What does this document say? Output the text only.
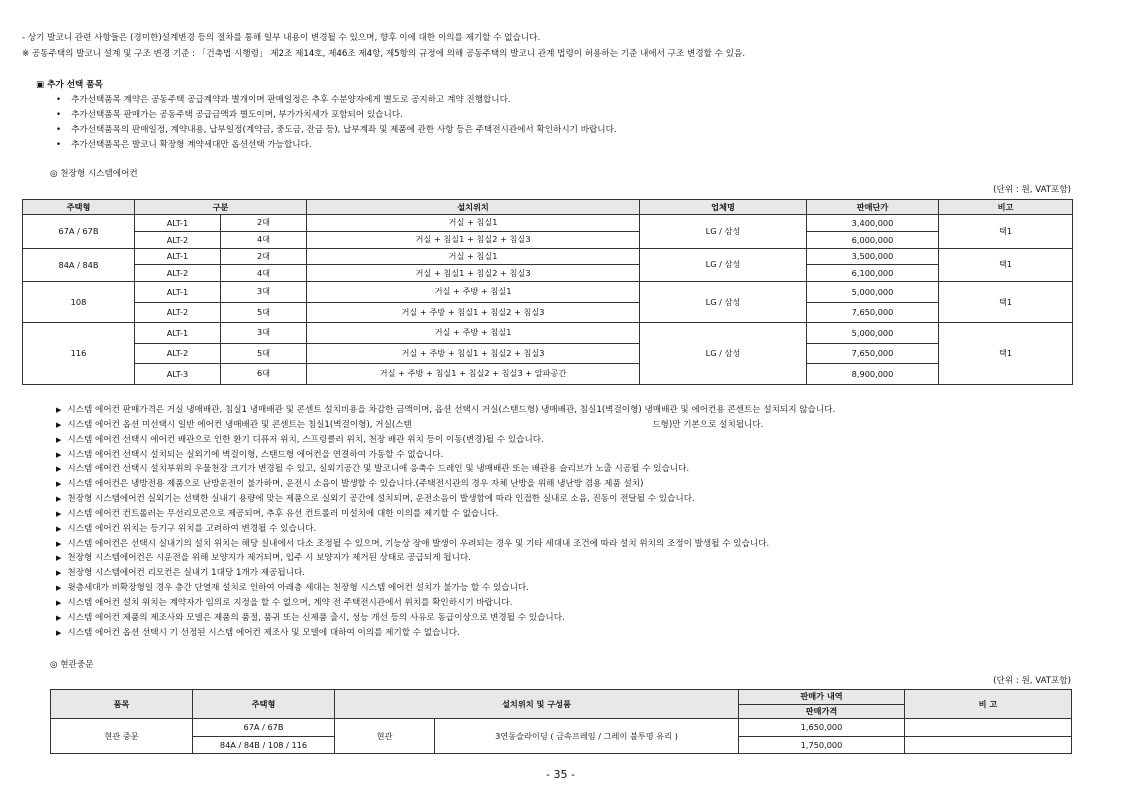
- 상기 발코니 관련 사항들은 (경미한)설계변경 등의 절차를 통해 일부 내용이 변경될 수 있으며, 향후 이에 대한 이의를 제기할 수 없습니다.
※ 공동주택의 발코니 설계 및 구조 변경 기준 : 「건축법 시행령」 제2조 제14호, 제46조 제4항, 제5항의 규정에 의해 공동주택의 발코니 관계 법령이 허용하는 기준 내에서 구조 변경할 수 있음.
▣ 추가 선택 품목
• 추가선택품목 계약은 공동주택 공급계약과 별개이며 판매일정은 추후 수분양자에게 별도로 공지하고 계약 진행합니다.
• 추가선택품목 판매가는 공동주택 공급금액과 별도이며, 부가가치세가 포함되어 있습니다.
• 추가선택품목의 판매일정, 계약내용, 납부일정(계약금, 중도금, 잔금 등), 납부계좌 및 제품에 관한 사항 등은 주택전시관에서 확인하시기 바랍니다.
• 추가선택품목은 발코니 확장형 계약세대만 옵션선택 가능합니다.
◎ 천장형 시스템에어컨
(단위 : 원, VAT포함)
주택형	구분		설치위치	업체명	판매단가	비고
67A / 67B	ALT-1	2대	거실 + 침실1	LG / 삼성	3,400,000	택1
	ALT-2	4대	거실 + 침실1 + 침실2 + 침실3		6,000,000	
84A / 84B	ALT-1	2대	거실 + 침실1	LG / 삼성	3,500,000	택1
	ALT-2	4대	거실 + 침실1 + 침실2 + 침실3		6,100,000	
108	ALT-1	3대	거실 + 주방 + 침실1	LG / 삼성	5,000,000	택1
	ALT-2	5대	거실 + 주방 + 침실1 + 침실2 + 침실3		7,650,000	
116	ALT-1	3대	거실 + 주방 + 침실1	LG / 삼성	5,000,000	택1
	ALT-2	5대	거실 + 주방 + 침실1 + 침실2 + 침실3		7,650,000	
	ALT-3	6대	거실 + 주방 + 침실1 + 침실2 + 침실3 + 알파공간		8,900,000	
▶ 시스템 에어컨 판매가격은 거실 냉매배관, 침실1 냉매배관 및 콘센트 설치비용을 차감한 금액이며, 옵션 선택시 거실(스탠드형) 냉매배관, 침실1(벽걸이형) 냉매배관 및 에어컨용 콘센트는 설치되지 않습니다.
▶ 시스템 에어컨 옵션 미선택시 일반 에어컨 냉매배관 및 콘센트는 침실1(벽걸이형), 거실(스탠                                                                                        드형)만 기본으로 설치됩니다.
▶ 시스템 에어컨 선택시 에어컨 배관으로 인한 환기 디퓨저 위치, 스프링클러 위치, 천장 배관 위치 등이 이동(변경)될 수 있습니다.
▶ 시스템 에어컨 선택시 설치되는 실외기에 벽걸이형, 스탠드형 에어컨을 연결하여 가동할 수 없습니다.
▶ 시스템 에어컨 선택시 설치부위의 우물천장 크기가 변경될 수 있고, 실외기공간 및 발코니에 응축수 드레인 및 냉매배관 또는 배관용 슬리브가 노출 시공될 수 있습니다.
▶ 시스템 에어컨은 냉방전용 제품으로 난방운전이 불가하며, 운전시 소음이 발생할 수 있습니다.(주택전시관의 경우 자체 난방을 위해 냉난방 겸용 제품 설치)
▶ 천장형 시스템에어컨 실외기는 선택한 실내기 용량에 맞는 제품으로 실외기 공간에 설치되며, 운전소음이 발생함에 따라 인접한 실내로 소음, 진동이 전달될 수 있습니다.
▶ 시스템 에어컨 컨트롤러는 무선리모콘으로 제공되며, 추후 유선 컨트롤러 미설치에 대한 이의를 제기할 수 없습니다.
▶ 시스템 에어컨 위치는 등기구 위치를 고려하여 변경될 수 있습니다.
▶ 시스템 에어컨은 선택시 실내기의 설치 위치는 해당 실내에서 다소 조정될 수 있으며, 기능상 장애 발생이 우려되는 경우 및 기타 세대내 조건에 따라 설치 위치의 조정이 발생될 수 있습니다.
▶ 천장형 시스템에어컨은 시운전을 위해 보양지가 제거되며, 입주 시 보양지가 제거된 상태로 공급되게 됩니다.
▶ 천장형 시스템에어컨 리모컨은 실내기 1대당 1개가 제공됩니다.
▶ 윗층세대가 비확장형일 경우 층간 단열재 설치로 인하여 아래층 세대는 천장형 시스템 에어컨 설치가 불가능 할 수 있습니다.
▶ 시스템 에어컨 설치 위치는 계약자가 임의로 지정을 할 수 없으며, 계약 전 주택전시관에서 위치를 확인하시기 바랍니다.
▶ 시스템 에어컨 제품의 제조사와 모델은 제품의 품절, 품귀 또는 신제품 출시, 성능 개선 등의 사유로 동급이상으로 변경될 수 있습니다.
▶ 시스템 에어컨 옵션 선택시 기 선정된 시스템 에어컨 제조사 및 모델에 대하여 이의를 제기할 수 없습니다.
◎ 현관중문
(단위 : 원, VAT포함)
품목	주택형	설치위치 및 구성품		판매가 내역	비 고
				판매가격	
현관 중문	67A / 67B	현관	3연동슬라이딩 ( 금속프레임 / 그레이 불투명 유리 )	1,650,000	
	84A / 84B / 108 / 116			1,750,000	
- 35 -
